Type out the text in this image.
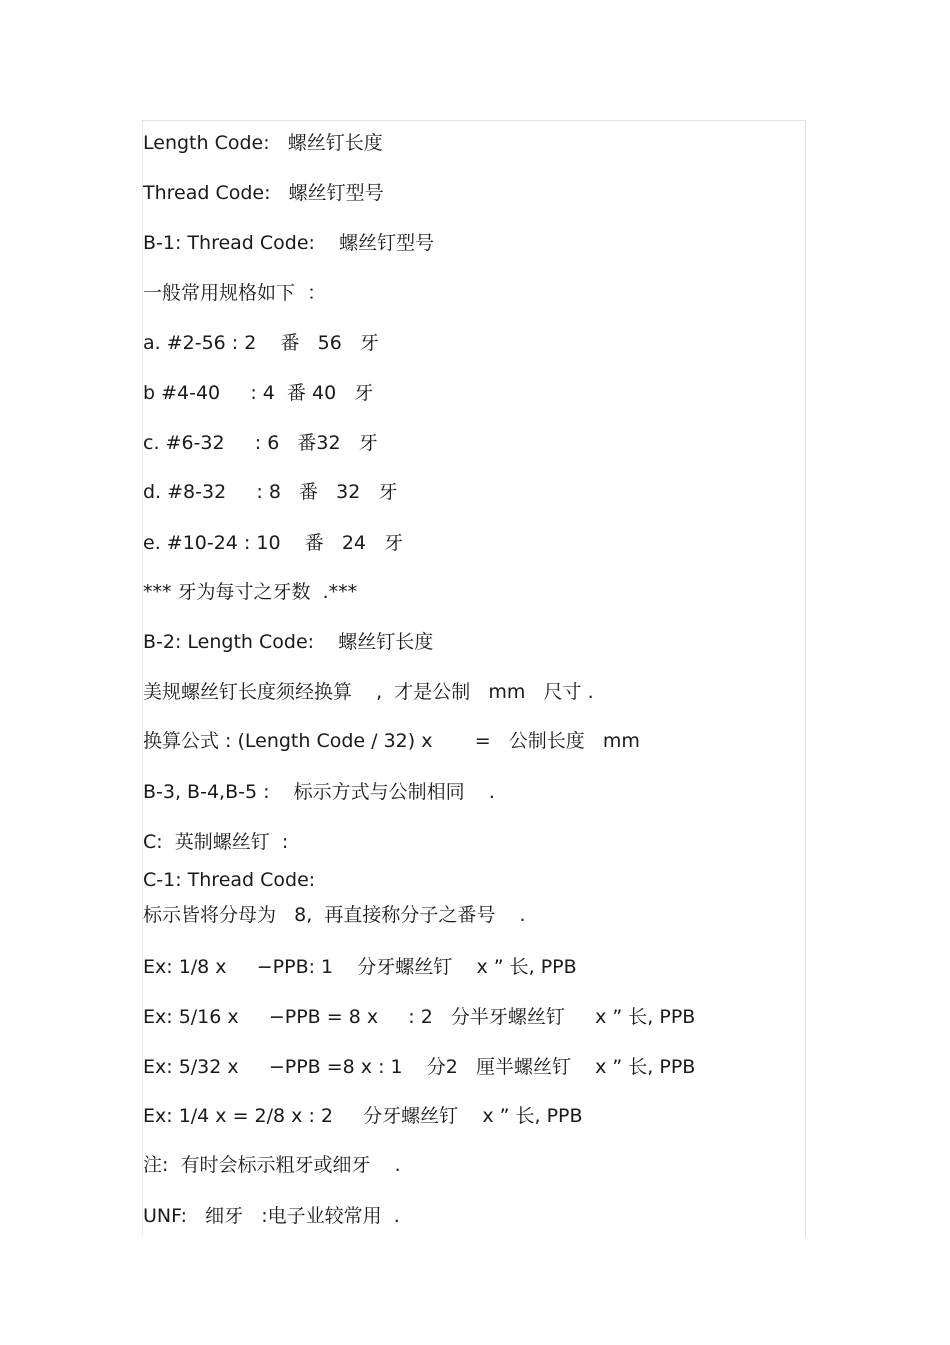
Length Code:   螺丝钉长度

Thread Code:   螺丝钉型号

B-1: Thread Code:    螺丝钉型号

一般常用规格如下  ：

a. #2-56 : 2    番   56   牙

b #4-40     : 4  番 40   牙

c. #6-32     : 6   番32   牙

d. #8-32     : 8   番   32   牙

e. #10-24 : 10    番   24   牙

*** 牙为每寸之牙数  .***

B-2: Length Code:    螺丝钉长度

美规螺丝钉长度须经换算    ,  才是公制   mm   尺寸 .

换算公式 : (Length Code / 32) x       =   公制长度   mm

B-3, B-4,B-5 :    标示方式与公制相同    .

C:  英制螺丝钉  :

C-1: Thread Code:

标示皆将分母为   8,  再直接称分子之番号    .

Ex: 1/8 x     −PPB: 1    分牙螺丝钉    x ” 长, PPB

Ex: 5/16 x     −PPB = 8 x     : 2   分半牙螺丝钉     x ” 长, PPB

Ex: 5/32 x     −PPB =8 x : 1    分2   厘半螺丝钉    x ” 长, PPB

Ex: 1/4 x = 2/8 x : 2     分牙螺丝钉    x ” 长, PPB

注:  有时会标示粗牙或细牙    .

UNF:   细牙   :电子业较常用  .
